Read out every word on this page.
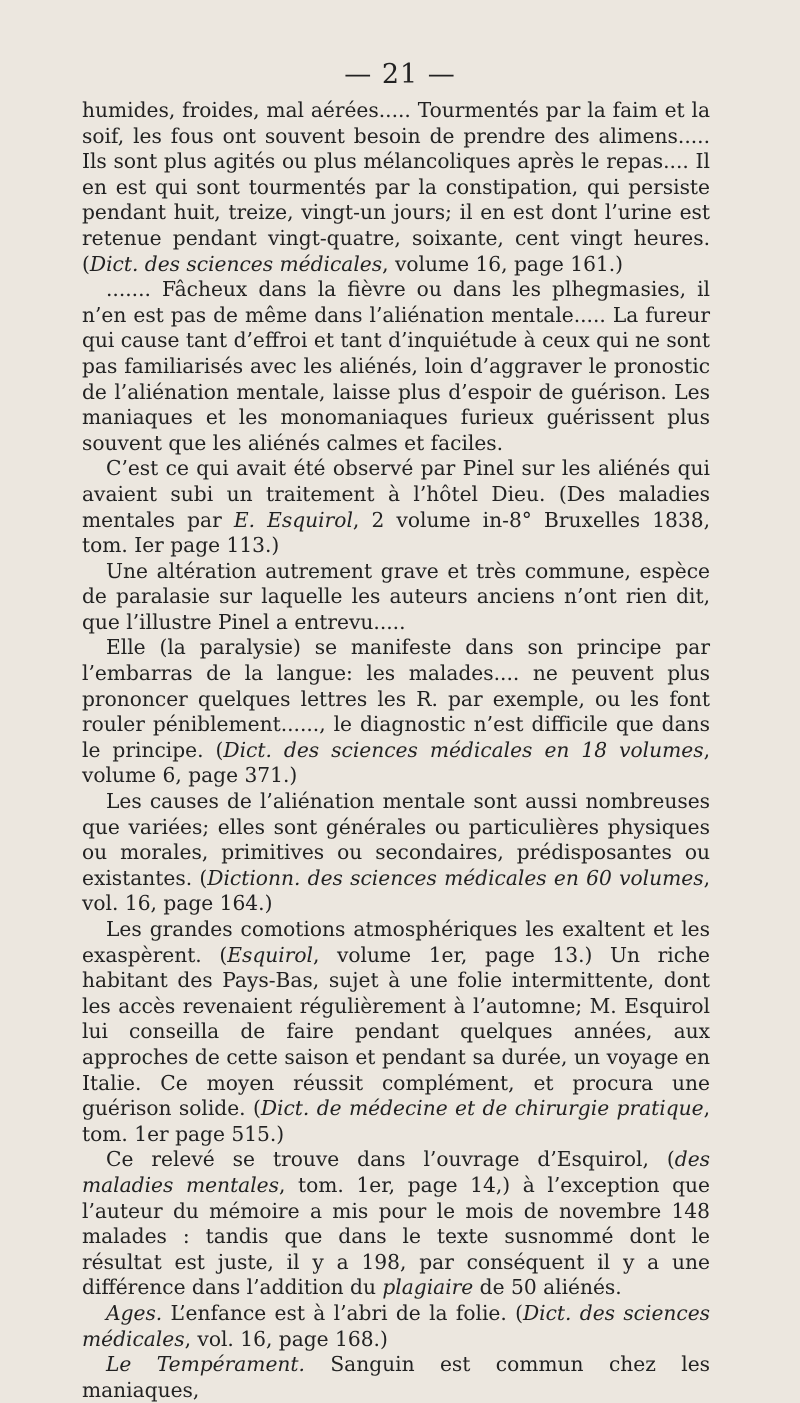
— 21 —

humides, froides, mal aérées..... Tourmentés par la faim et la soif, les fous ont souvent besoin de prendre des alimens..... Ils sont plus agités ou plus mélancoliques après le repas.... Il en est qui sont tourmentés par la constipation, qui persiste pendant huit, treize, vingt-un jours; il en est dont l’urine est retenue pendant vingt-quatre, soixante, cent vingt heures. (Dict. des sciences médicales, volume 16, page 161.)

....... Fâcheux dans la fièvre ou dans les plhegmasies, il n’en est pas de même dans l’aliénation mentale..... La fureur qui cause tant d’effroi et tant d’inquiétude à ceux qui ne sont pas familiarisés avec les aliénés, loin d’aggraver le pronostic de l’aliénation mentale, laisse plus d’espoir de guérison. Les maniaques et les monomaniaques furieux guérissent plus souvent que les aliénés calmes et faciles.

C’est ce qui avait été observé par Pinel sur les aliénés qui avaient subi un traitement à l’hôtel Dieu. (Des maladies mentales par E. Esquirol, 2 volume in-8° Bruxelles 1838, tom. Ier page 113.)

Une altération autrement grave et très commune, espèce de paralasie sur laquelle les auteurs anciens n’ont rien dit, que l’illustre Pinel a entrevu.....

Elle (la paralysie) se manifeste dans son principe par l’embarras de la langue: les malades.... ne peuvent plus prononcer quelques lettres les R. par exemple, ou les font rouler péniblement......, le diagnostic n’est difficile que dans le principe. (Dict. des sciences médicales en 18 volumes, volume 6, page 371.)

Les causes de l’aliénation mentale sont aussi nombreuses que variées; elles sont générales ou particulières physiques ou morales, primitives ou secondaires, prédisposantes ou existantes. (Dictionn. des sciences médicales en 60 volumes, vol. 16, page 164.)

Les grandes comotions atmosphériques les exaltent et les exaspèrent. (Esquirol, volume 1er, page 13.) Un riche habitant des Pays-Bas, sujet à une folie intermittente, dont les accès revenaient régulièrement à l’automne; M. Esquirol lui conseilla de faire pendant quelques années, aux approches de cette saison et pendant sa durée, un voyage en Italie. Ce moyen réussit complément, et procura une guérison solide. (Dict. de médecine et de chirurgie pratique, tom. 1er page 515.)

Ce relevé se trouve dans l’ouvrage d’Esquirol, (des maladies mentales, tom. 1er, page 14,) à l’exception que l’auteur du mémoire a mis pour le mois de novembre 148 malades : tandis que dans le texte susnommé dont le résultat est juste, il y a 198, par conséquent il y a une différence dans l’addition du plagiaire de 50 aliénés.

Ages. L’enfance est à l’abri de la folie. (Dict. des sciences médicales, vol. 16, page 168.)

Le Tempérament. Sanguin est commun chez les maniaques,
